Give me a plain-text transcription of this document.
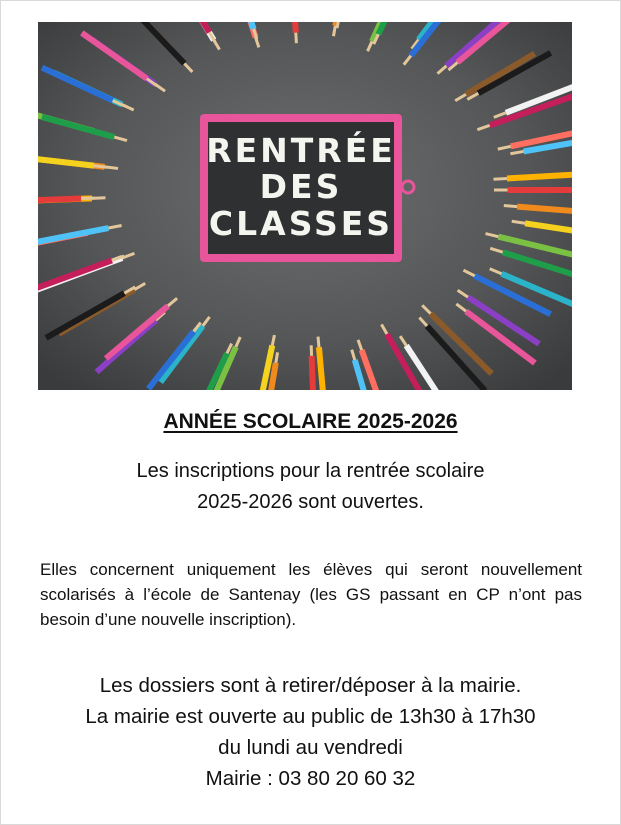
RENTRÉE
DES
CLASSES
ANNÉE SCOLAIRE 2025-2026
Les inscriptions pour la rentrée scolaire
2025-2026 sont ouvertes.
Elles concernent uniquement les élèves qui seront nouvellement scolarisés à l’école de Santenay (les GS passant en CP n’ont pas besoin d’une nouvelle inscription).
Les dossiers sont à retirer/déposer à la mairie.
La mairie est ouverte au public de 13h30 à 17h30
du lundi au vendredi
Mairie : 03 80 20 60 32
